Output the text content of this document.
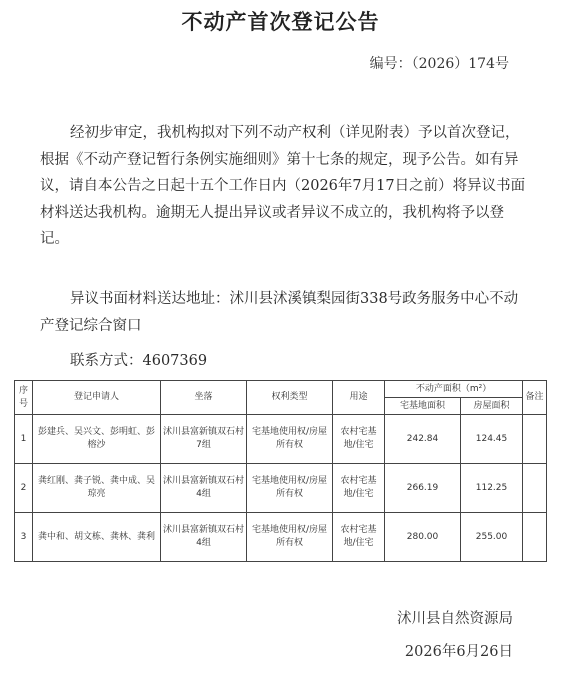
不动产首次登记公告
编号：（2026）174号
经初步审定，我机构拟对下列不动产权利（详见附表）予以首次登记，根据《不动产登记暂行条例实施细则》第十七条的规定，现予公告。如有异议，请自本公告之日起十五个工作日内（2026年7月17日之前）将异议书面材料送达我机构。逾期无人提出异议或者异议不成立的，我机构将予以登记。
异议书面材料送达地址：沭川县沭溪镇梨园街338号政务服务中心不动产登记综合窗口
联系方式：4607369
序号	登记申请人	坐落	权利类型	用途	不动产面积（m²）		备注
					宅基地面积	房屋面积	
1	彭建兵、吴兴文、彭明虹、彭榕沙	沭川县富新镇双石村7组	宅基地使用权/房屋所有权	农村宅基地/住宅	242.84	124.45	
2	龚红刚、龚子锐、龚中成、吴琼亮	沭川县富新镇双石村4组	宅基地使用权/房屋所有权	农村宅基地/住宅	266.19	112.25	
3	龚中和、胡文栋、龚林、龚利	沭川县富新镇双石村4组	宅基地使用权/房屋所有权	农村宅基地/住宅	280.00	255.00	
沭川县自然资源局
2026年6月26日
